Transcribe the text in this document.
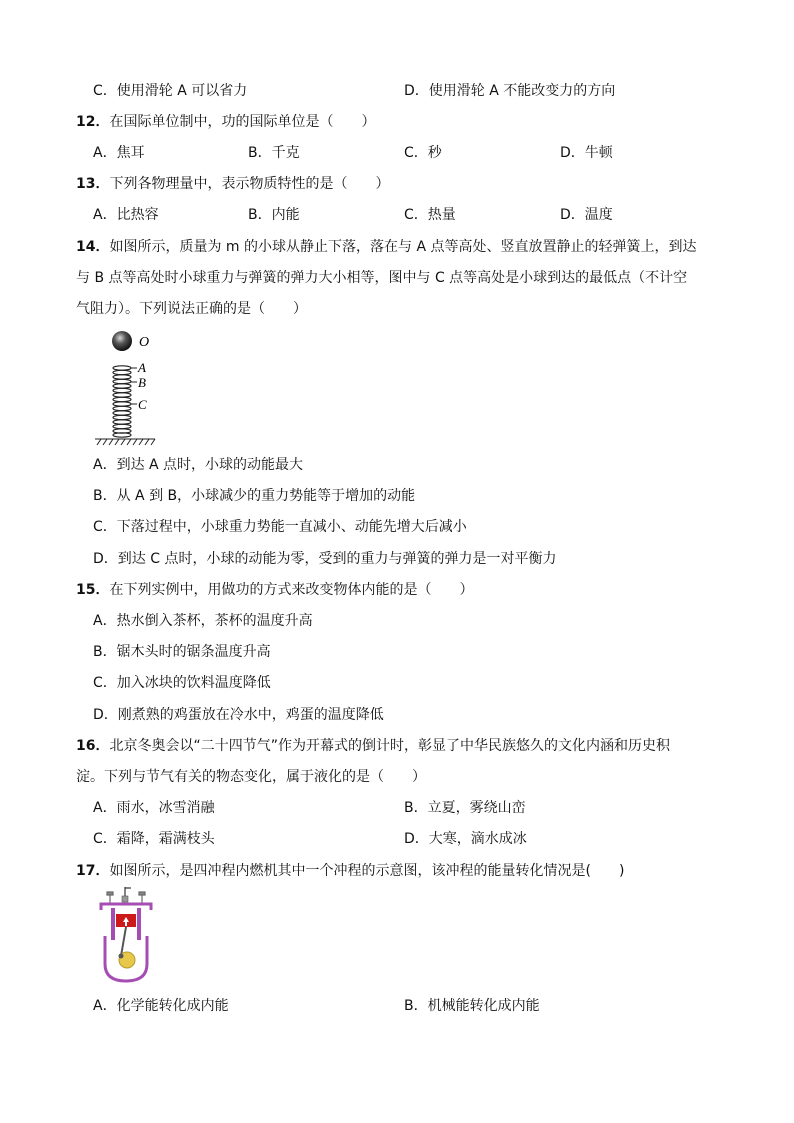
C．使用滑轮 A 可以省力	D．使用滑轮 A 不能改变力的方向
12．在国际单位制中，功的国际单位是（　　）
A．焦耳	B．千克	C．秒	D．牛顿
13．下列各物理量中，表示物质特性的是（　　）
A．比热容	B．内能	C．热量	D．温度
14．如图所示，质量为 m 的小球从静止下落，落在与 A 点等高处、竖直放置静止的轻弹簧上，到达
与 B 点等高处时小球重力与弹簧的弹力大小相等，图中与 C 点等高处是小球到达的最低点（不计空
气阻力）。下列说法正确的是（　　）
O
A
B
C
A．到达 A 点时，小球的动能最大
B．从 A 到 B，小球减少的重力势能等于增加的动能
C．下落过程中，小球重力势能一直减小、动能先增大后减小
D．到达 C 点时，小球的动能为零，受到的重力与弹簧的弹力是一对平衡力
15．在下列实例中，用做功的方式来改变物体内能的是（　　）
A．热水倒入茶杯，茶杯的温度升高
B．锯木头时的锯条温度升高
C．加入冰块的饮料温度降低
D．刚煮熟的鸡蛋放在冷水中，鸡蛋的温度降低
16．北京冬奥会以“二十四节气”作为开幕式的倒计时，彰显了中华民族悠久的文化内涵和历史积
淀。下列与节气有关的物态变化，属于液化的是（　　）
A．雨水，冰雪消融	B．立夏，雾绕山峦
C．霜降，霜满枝头	D．大寒，滴水成冰
17．如图所示，是四冲程内燃机其中一个冲程的示意图，该冲程的能量转化情况是(　　)
A．化学能转化成内能	B．机械能转化成内能
